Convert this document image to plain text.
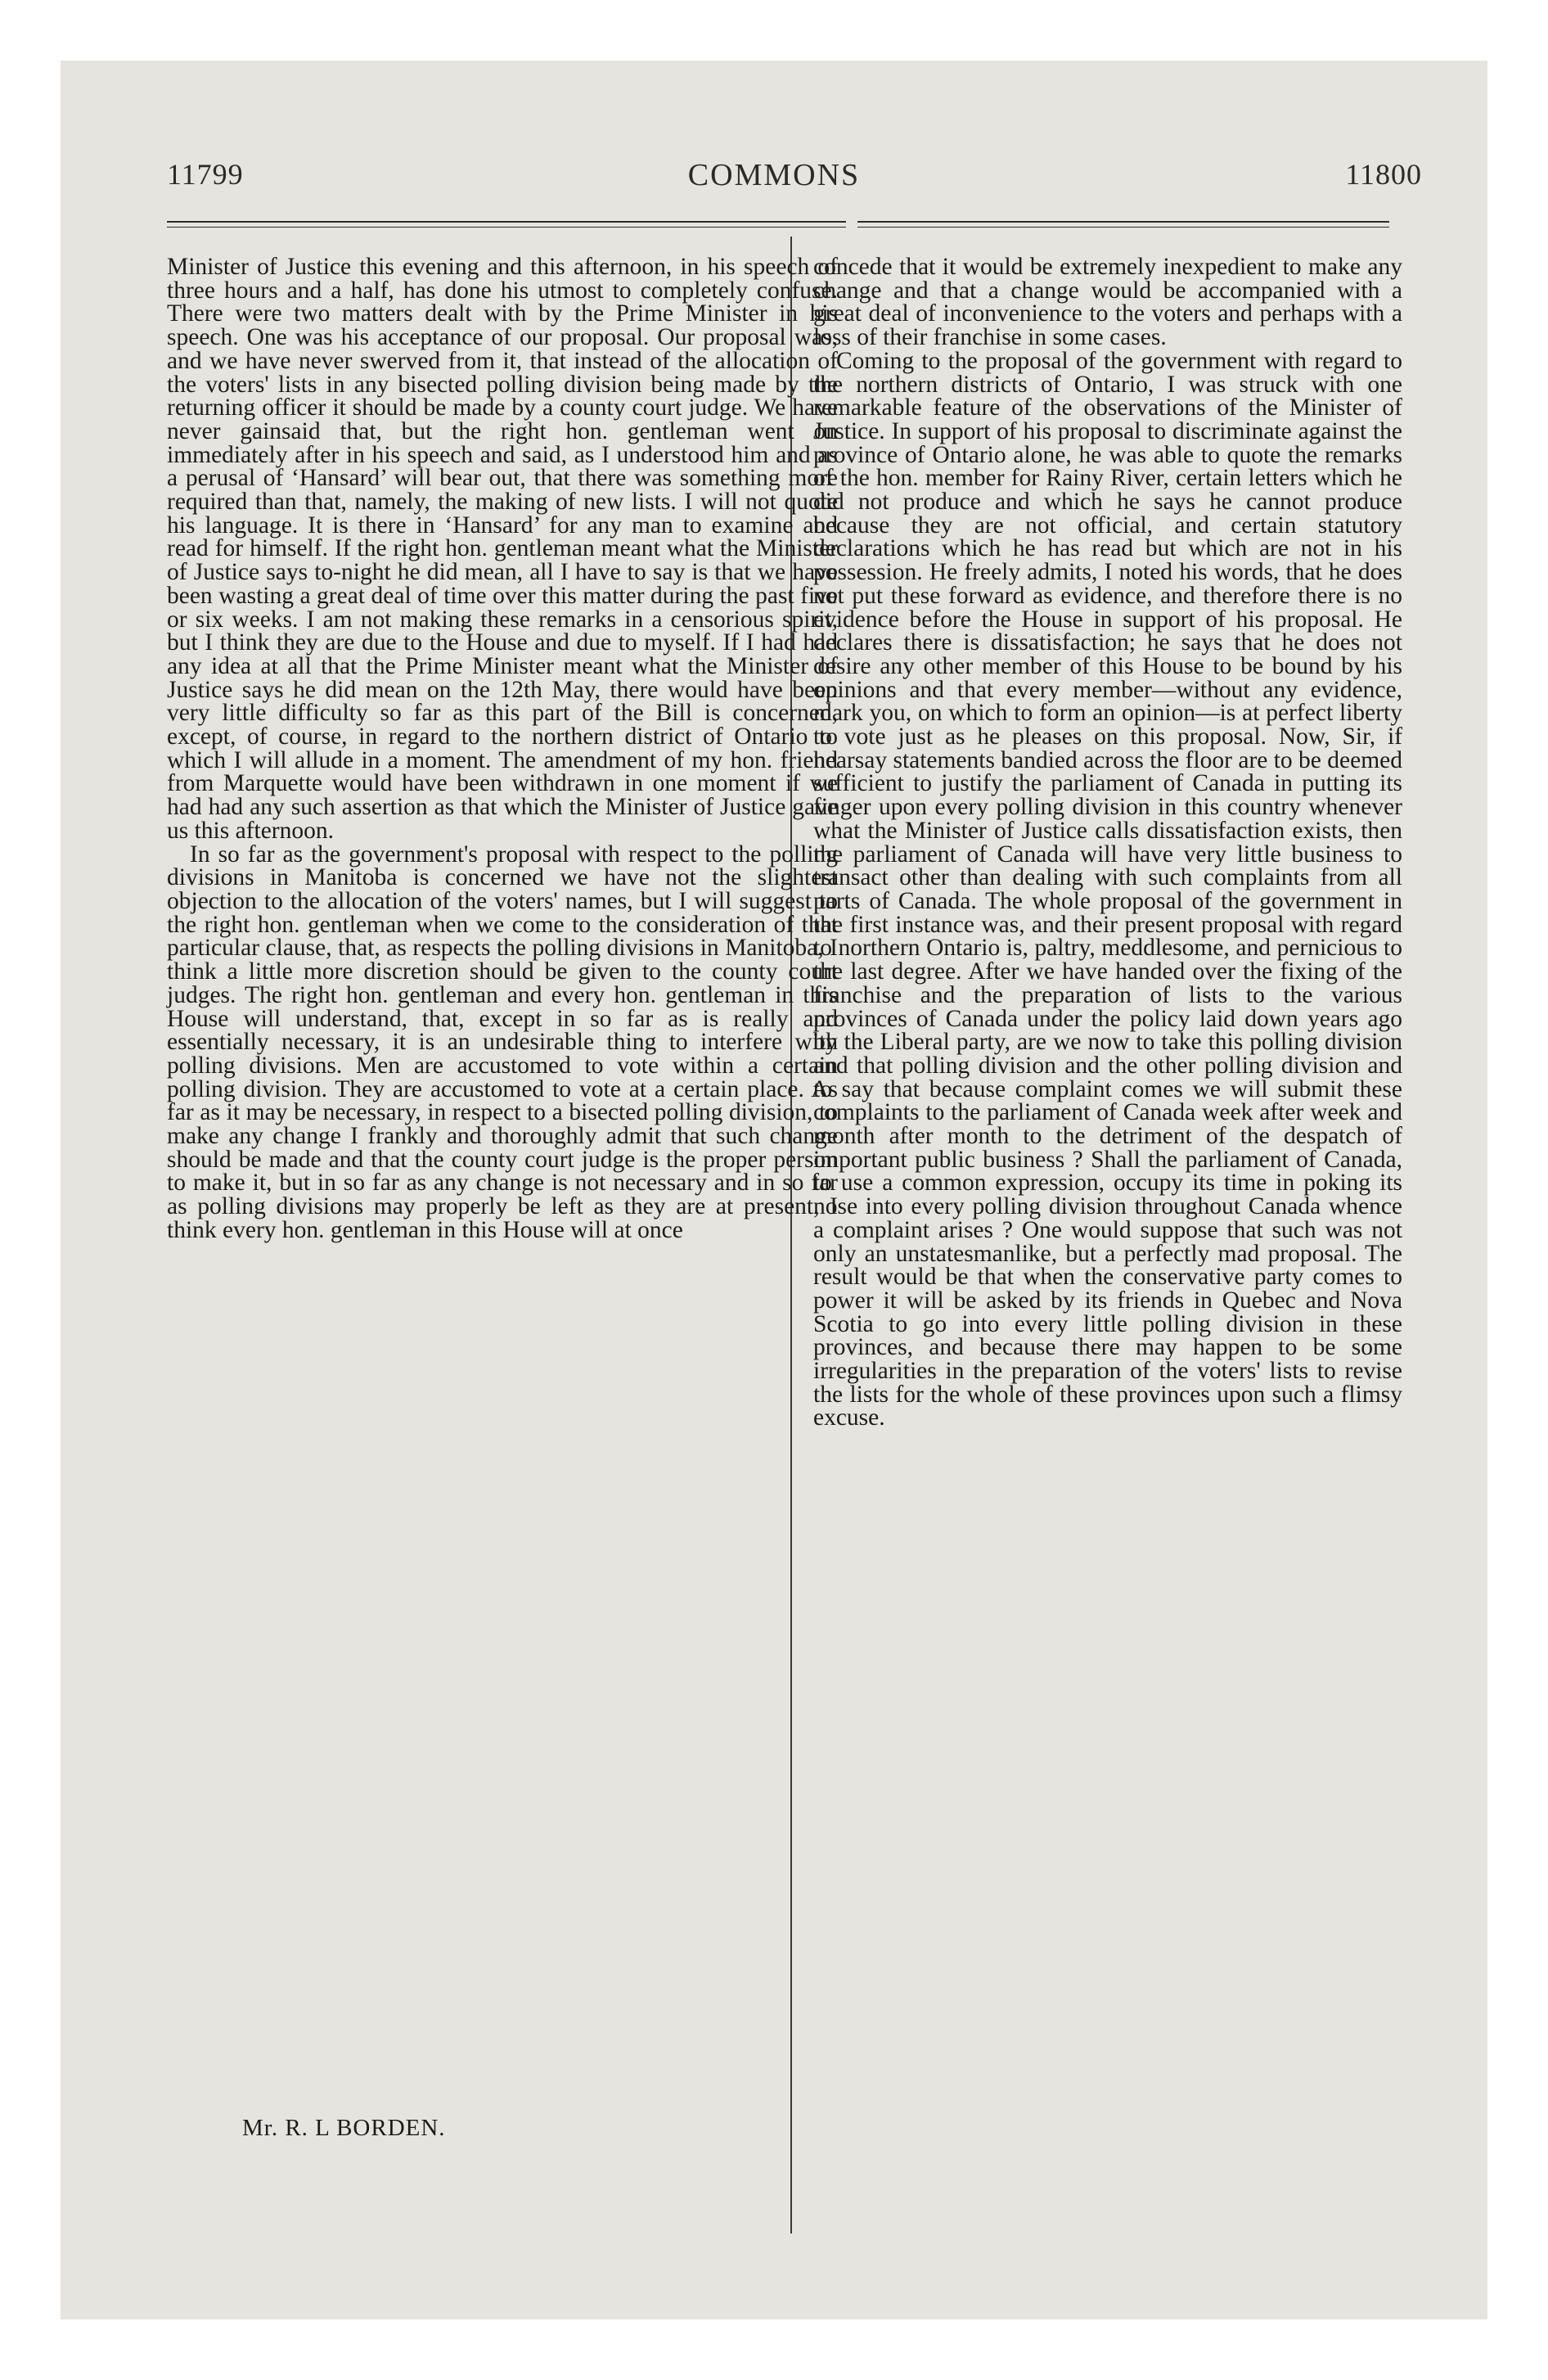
11799	COMMONS	11800

Minister of Justice this evening and this afternoon, in his speech of three hours and a half, has done his utmost to completely confuse. There were two matters dealt with by the Prime Minister in his speech. One was his acceptance of our proposal. Our proposal was, and we have never swerved from it, that instead of the allocation of the voters' lists in any bisected polling division being made by the returning officer it should be made by a county court judge. We have never gainsaid that, but the right hon. gentleman went on immediately after in his speech and said, as I understood him and as a perusal of ‘Hansard’ will bear out, that there was something more required than that, namely, the making of new lists. I will not quote his language. It is there in ‘Hansard’ for any man to examine and read for himself. If the right hon. gentleman meant what the Minister of Justice says to-night he did mean, all I have to say is that we have been wasting a great deal of time over this matter during the past five or six weeks. I am not making these remarks in a censorious spirit, but I think they are due to the House and due to myself. If I had had any idea at all that the Prime Minister meant what the Minister of Justice says he did mean on the 12th May, there would have been very little difficulty so far as this part of the Bill is concerned, except, of course, in regard to the northern district of Ontario to which I will allude in a moment. The amendment of my hon. friend from Marquette would have been withdrawn in one moment if we had had any such assertion as that which the Minister of Justice gave us this afternoon.

In so far as the government's proposal with respect to the polling divisions in Manitoba is concerned we have not the slightest objection to the allocation of the voters' names, but I will suggest to the right hon. gentleman when we come to the consideration of that particular clause, that, as respects the polling divisions in Manitoba, I think a little more discretion should be given to the county court judges. The right hon. gentleman and every hon. gentleman in this House will understand, that, except in so far as is really and essentially necessary, it is an undesirable thing to interfere with polling divisions. Men are accustomed to vote within a certain polling division. They are accustomed to vote at a certain place. As far as it may be necessary, in respect to a bisected polling division, to make any change I frankly and thoroughly admit that such change should be made and that the county court judge is the proper person to make it, but in so far as any change is not necessary and in so far as polling divisions may properly be left as they are at present, I think every hon. gentleman in this House will at once

concede that it would be extremely inexpedient to make any change and that a change would be accompanied with a great deal of inconvenience to the voters and perhaps with a loss of their franchise in some cases.

Coming to the proposal of the government with regard to the northern districts of Ontario, I was struck with one remarkable feature of the observations of the Minister of Justice. In support of his proposal to discriminate against the province of Ontario alone, he was able to quote the remarks of the hon. member for Rainy River, certain letters which he did not produce and which he says he cannot produce because they are not official, and certain statutory declarations which he has read but which are not in his possession. He freely admits, I noted his words, that he does not put these forward as evidence, and therefore there is no evidence before the House in support of his proposal. He declares there is dissatisfaction; he says that he does not desire any other member of this House to be bound by his opinions and that every member—without any evidence, mark you, on which to form an opinion—is at perfect liberty to vote just as he pleases on this proposal. Now, Sir, if hearsay statements bandied across the floor are to be deemed sufficient to justify the parliament of Canada in putting its finger upon every polling division in this country whenever what the Minister of Justice calls dissatisfaction exists, then the parliament of Canada will have very little business to transact other than dealing with such complaints from all parts of Canada. The whole proposal of the government in the first instance was, and their present proposal with regard to northern Ontario is, paltry, meddlesome, and pernicious to the last degree. After we have handed over the fixing of the franchise and the preparation of lists to the various provinces of Canada under the policy laid down years ago by the Liberal party, are we now to take this polling division and that polling division and the other polling division and to say that because complaint comes we will submit these complaints to the parliament of Canada week after week and month after month to the detriment of the despatch of important public business ? Shall the parliament of Canada, to use a common expression, occupy its time in poking its nose into every polling division throughout Canada whence a complaint arises ? One would suppose that such was not only an unstatesmanlike, but a perfectly mad proposal. The result would be that when the conservative party comes to power it will be asked by its friends in Quebec and Nova Scotia to go into every little polling division in these provinces, and because there may happen to be some irregularities in the preparation of the voters' lists to revise the lists for the whole of these provinces upon such a flimsy excuse.

Mr. R. L BORDEN.
